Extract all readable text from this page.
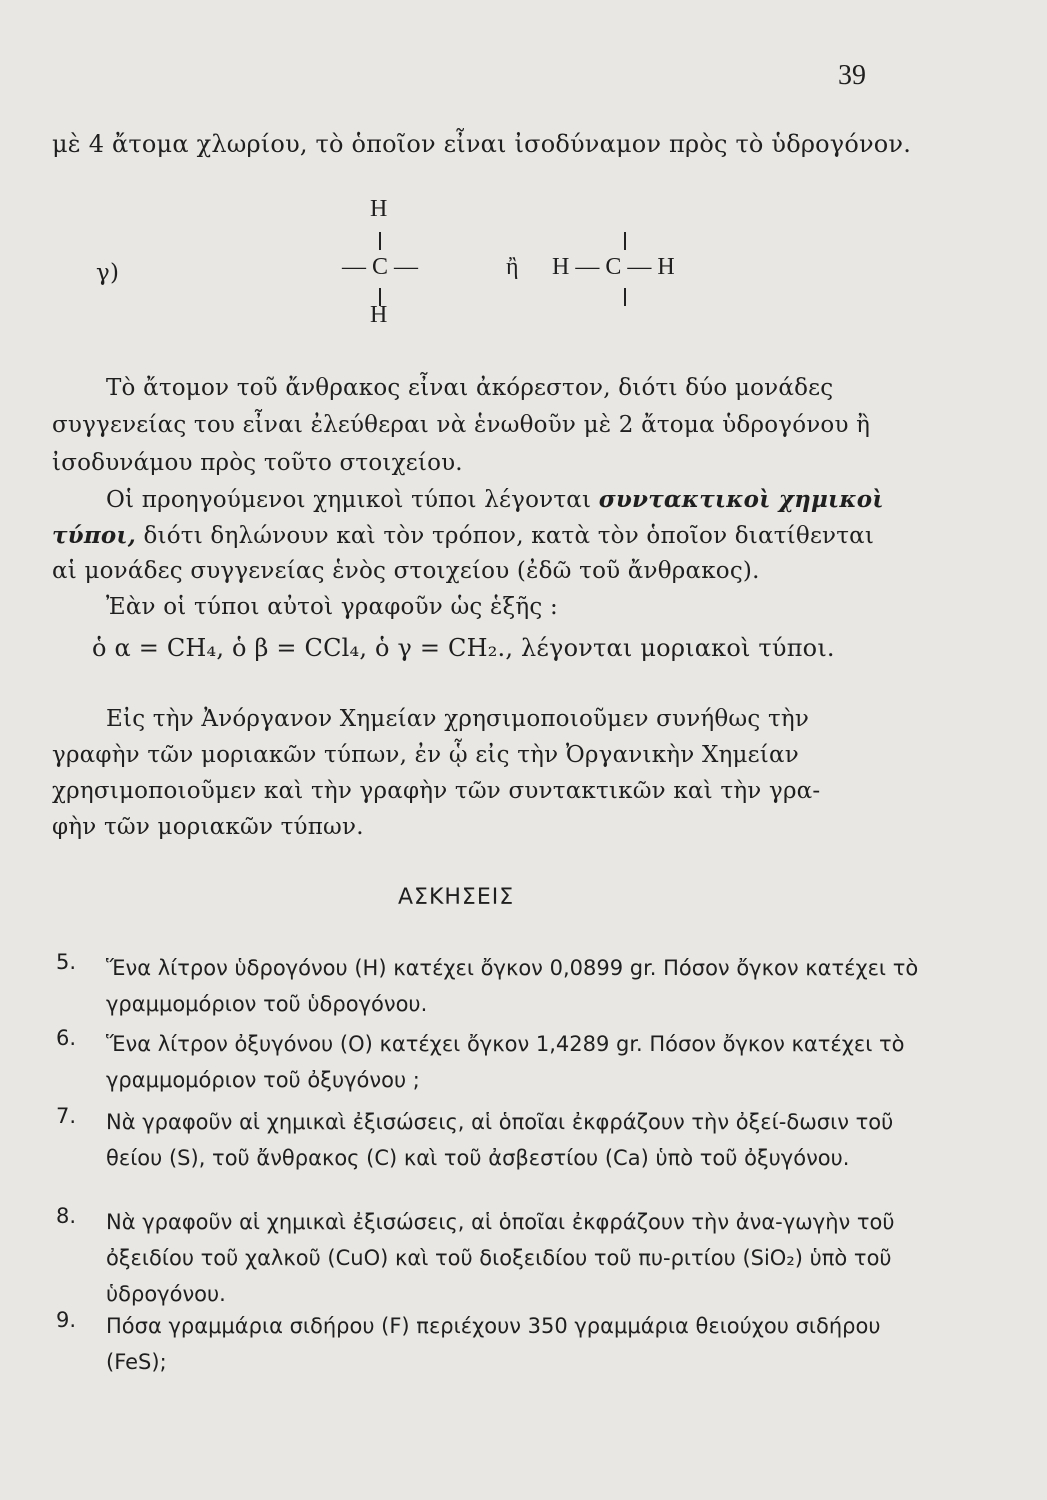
39
μὲ 4 ἄτομα χλωρίου, τὸ ὁποῖον εἶναι ἰσοδύναμον πρὸς τὸ ὑδρογόνον.
γ)
H
— C —
H
ἢ H — C — H
Τὸ ἄτομον τοῦ ἄνθρακος εἶναι ἀκόρεστον, διότι δύο μονάδες
συγγενείας του εἶναι ἐλεύθεραι νὰ ἑνωθοῦν μὲ 2 ἄτομα ὑδρογόνου ἢ
ἰσοδυνάμου πρὸς τοῦτο στοιχείου.
Οἱ προηγούμενοι χημικοὶ τύποι λέγονται συντακτικοὶ χημικοὶ
τύποι, διότι δηλώνουν καὶ τὸν τρόπον, κατὰ τὸν ὁποῖον διατίθενται
αἱ μονάδες συγγενείας ἑνὸς στοιχείου (ἐδῶ τοῦ ἄνθρακος).
Ἐὰν οἱ τύποι αὐτοὶ γραφοῦν ὡς ἑξῆς :
ὁ α = CH₄, ὁ β = CCl₄, ὁ γ = CH₂., λέγονται μοριακοὶ τύποι.
Εἰς τὴν Ἀνόργανον Χημείαν χρησιμοποιοῦμεν συνήθως τὴν
γραφὴν τῶν μοριακῶν τύπων, ἐν ᾧ εἰς τὴν Ὀργανικὴν Χημείαν
χρησιμοποιοῦμεν καὶ τὴν γραφὴν τῶν συντακτικῶν καὶ τὴν γρα-
φὴν τῶν μοριακῶν τύπων.
ΑΣΚΗΣΕΙΣ
5. Ἕνα λίτρον ὑδρογόνου (Η) κατέχει ὄγκον 0,0899 gr. Πόσον ὄγκον κατέχει τὸ γραμμομόριον τοῦ ὑδρογόνου.
6. Ἕνα λίτρον ὀξυγόνου (Ο) κατέχει ὄγκον 1,4289 gr. Πόσον ὄγκον κατέχει τὸ γραμμομόριον τοῦ ὀξυγόνου ;
7. Νὰ γραφοῦν αἱ χημικαὶ ἐξισώσεις, αἱ ὁποῖαι ἐκφράζουν τὴν ὀξεί-δωσιν τοῦ θείου (S), τοῦ ἄνθρακος (C) καὶ τοῦ ἀσβεστίου (Ca) ὑπὸ τοῦ ὀξυγόνου.
8. Νὰ γραφοῦν αἱ χημικαὶ ἐξισώσεις, αἱ ὁποῖαι ἐκφράζουν τὴν ἀνα-γωγὴν τοῦ ὀξειδίου τοῦ χαλκοῦ (CuO) καὶ τοῦ διοξειδίου τοῦ πυ-ριτίου (SiO₂) ὑπὸ τοῦ ὑδρογόνου.
9. Πόσα γραμμάρια σιδήρου (F) περιέχουν 350 γραμμάρια θειούχου σιδήρου (FeS);
